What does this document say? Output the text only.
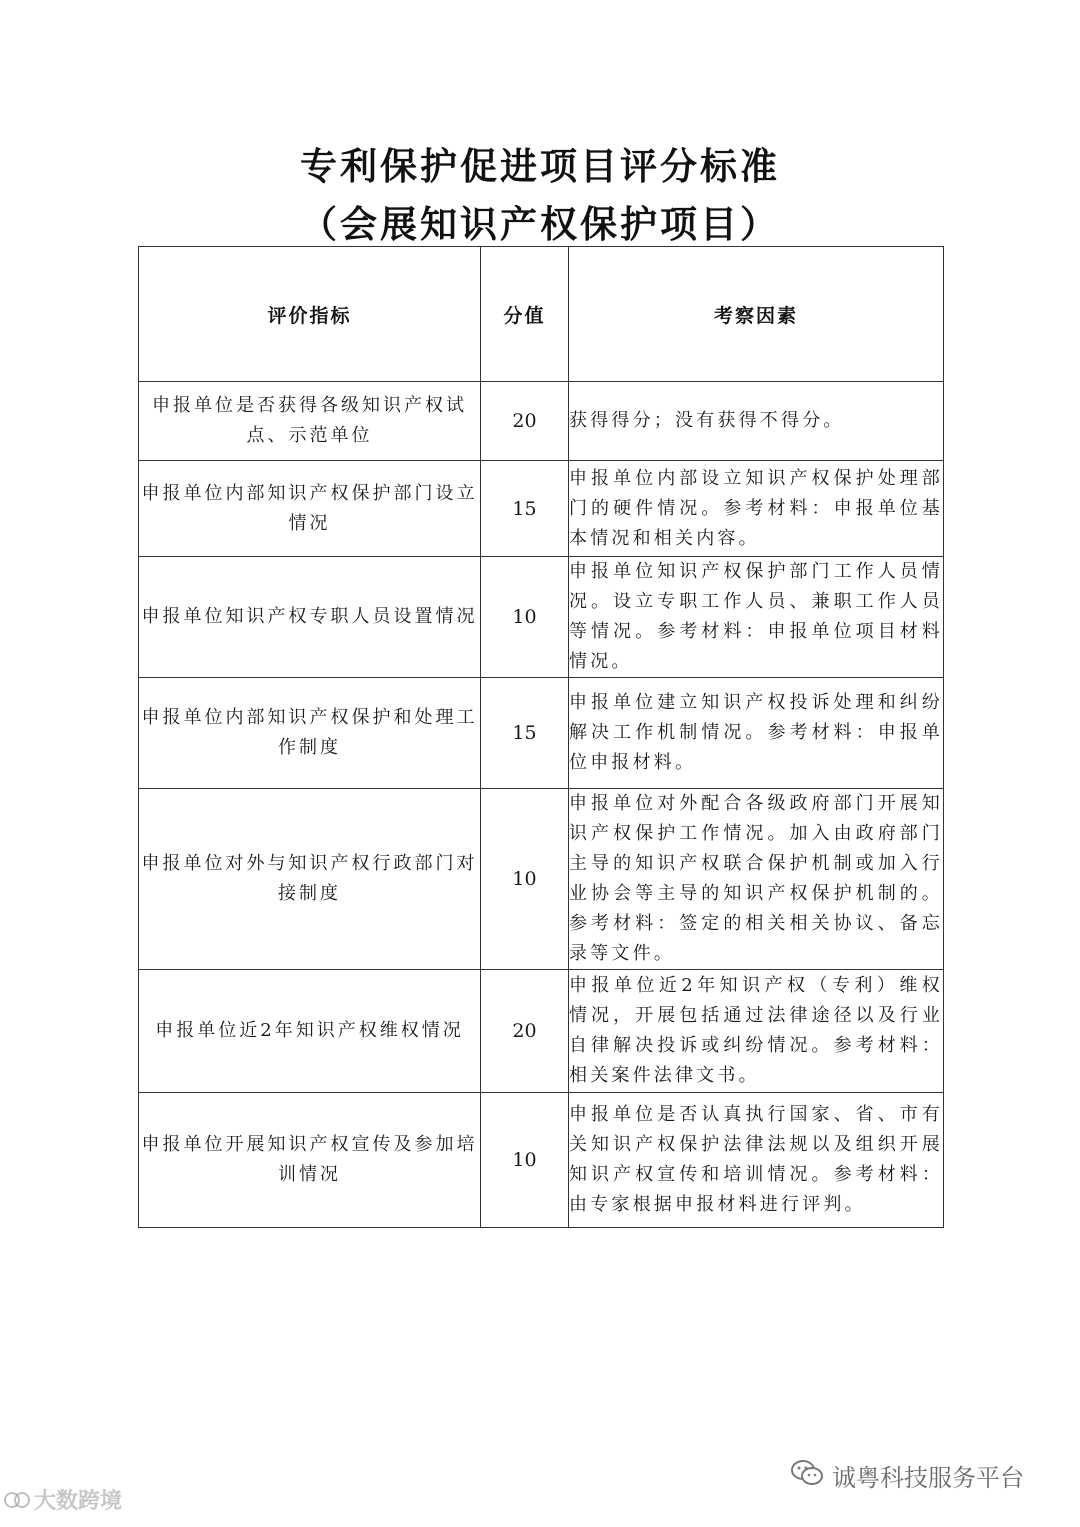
专利保护促进项目评分标准
（会展知识产权保护项目）
评价指标	分值	考察因素
申报单位是否获得各级知识产权试点、示范单位	20	获得得分；没有获得不得分。
申报单位内部知识产权保护部门设立情况	15	申报单位内部设立知识产权保护处理部门的硬件情况。参考材料：申报单位基本情况和相关内容。
申报单位知识产权专职人员设置情况	10	申报单位知识产权保护部门工作人员情况。设立专职工作人员、兼职工作人员等情况。参考材料：申报单位项目材料情况。
申报单位内部知识产权保护和处理工作制度	15	申报单位建立知识产权投诉处理和纠纷解决工作机制情况。参考材料：申报单位申报材料。
申报单位对外与知识产权行政部门对接制度	10	申报单位对外配合各级政府部门开展知识产权保护工作情况。加入由政府部门主导的知识产权联合保护机制或加入行业协会等主导的知识产权保护机制的。参考材料：签定的相关相关协议、备忘录等文件。
申报单位近2年知识产权维权情况	20	申报单位近2年知识产权（专利）维权情况，开展包括通过法律途径以及行业自律解决投诉或纠纷情况。参考材料：相关案件法律文书。
申报单位开展知识产权宣传及参加培训情况	10	申报单位是否认真执行国家、省、市有关知识产权保护法律法规以及组织开展知识产权宣传和培训情况。参考材料：由专家根据申报材料进行评判。
诚粤科技服务平台
大数跨境
